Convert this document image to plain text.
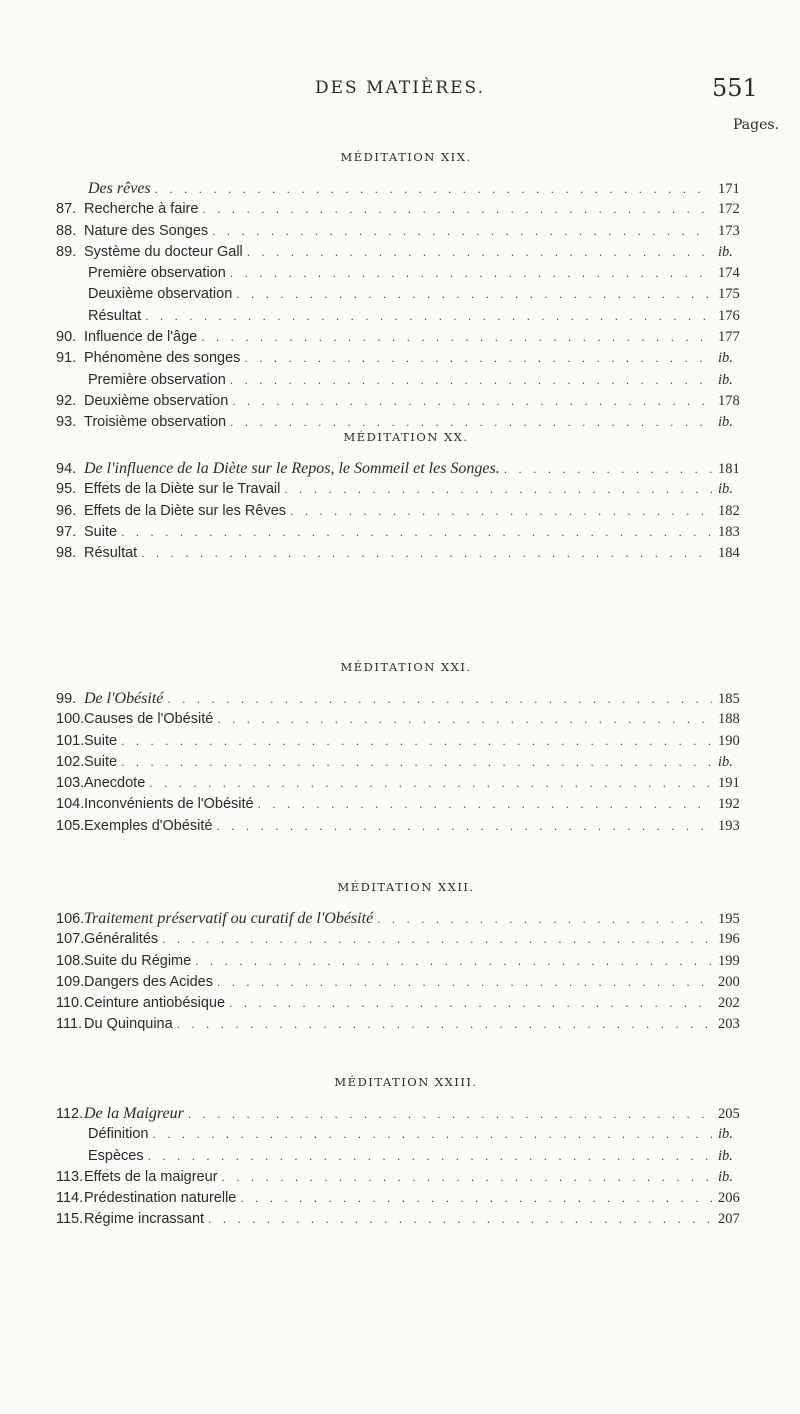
DES MATIÈRES.	551
Pages.
MÉDITATION XIX.
Des rêves . . .	171
87. Recherche à faire . . .	172
88. Nature des Songes . . .	173
89. Système du docteur Gall . . .	ib.
Première observation . . .	174
Deuxième observation . . .	175
Résultat . . .	176
90. Influence de l'âge . . .	177
91. Phénomène des songes . . .	ib.
Première observation . . .	ib.
92. Deuxième observation . . .	178
93. Troisième observation . . .	ib.
MÉDITATION XX.
94. De l'influence de la Diète sur le Repos, le Sommeil et les Songes. . . .	181
95. Effets de la Diète sur le Travail . . .	ib.
96. Effets de la Diète sur les Rêves . . .	182
97. Suite . . .	183
98. Résultat . . .	184
MÉDITATION XXI.
99. De l'Obésité . . .	185
100. Causes de l'Obésité . . .	188
101. Suite . . .	190
102. Suite . . .	ib.
103. Anecdote . . .	191
104. Inconvénients de l'Obésité . . .	192
105. Exemples d'Obésité . . .	193
MÉDITATION XXII.
106. Traitement préservatif ou curatif de l'Obésité . . .	195
107. Généralités . . .	196
108. Suite du Régime . . .	199
109. Dangers des Acides . . .	200
110. Ceinture antiobésique . . .	202
111. Du Quinquina . . .	203
MÉDITATION XXIII.
112. De la Maigreur . . .	205
Définition . . .	ib.
Espèces . . .	ib.
113. Effets de la maigreur . . .	ib.
114. Prédestination naturelle . . .	206
115. Régime incrassant . . .	207
